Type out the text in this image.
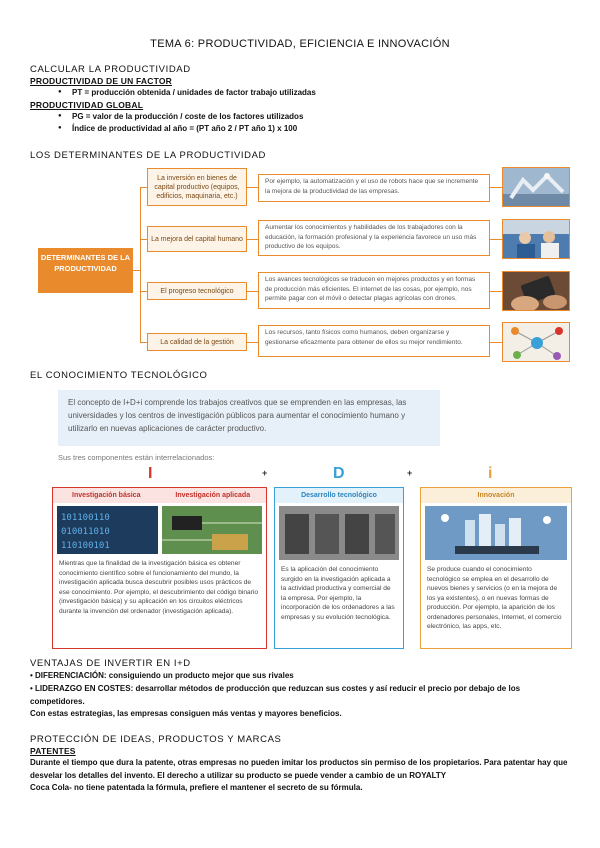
TEMA 6: PRODUCTIVIDAD, EFICIENCIA E INNOVACIÓN
CALCULAR LA PRODUCTIVIDAD
PRODUCTIVIDAD DE UN FACTOR
● PT = producción obtenida / unidades de factor trabajo utilizadas
PRODUCTIVIDAD GLOBAL
● PG = valor de la producción / coste de los factores utilizados
● Índice de productividad al año = (PT año 2 / PT año 1) x 100
LOS DETERMINANTES DE LA PRODUCTIVIDAD
DETERMINANTES DE LA PRODUCTIVIDAD
La inversión en bienes de capital productivo (equipos, edificios, maquinaria, etc.)
Por ejemplo, la automatización y el uso de robots hace que se incremente la mejora de la productividad de las empresas.
La mejora del capital humano
Aumentar los conocimientos y habilidades de los trabajadores con la educación, la formación profesional y la experiencia favorece un uso más productivo de los equipos.
El progreso tecnológico
Los avances tecnológicos se traducen en mejores productos y en formas de producción más eficientes. El internet de las cosas, por ejemplo, nos permite pagar con el móvil o detectar plagas agrícolas con drones.
La calidad de la gestión
Los recursos, tanto físicos como humanos, deben organizarse y gestionarse eficazmente para obtener de ellos su mejor rendimiento.
EL CONOCIMIENTO TECNOLÓGICO
El concepto de I+D+i comprende los trabajos creativos que se emprenden en las empresas, las universidades y los centros de investigación públicos para aumentar el conocimiento humano y utilizarlo en nuevas aplicaciones de carácter productivo.
Sus tres componentes están interrelacionados:
I	+	D	+	i
Investigación básica	Investigación aplicada
101100110
010011010
110100101
Mientras que la finalidad de la investigación básica es obtener conocimiento científico sobre el funcionamiento del mundo, la investigación aplicada busca descubrir posibles usos prácticos de ese conocimiento. Por ejemplo, el descubrimiento del código binario (investigación básica) y su aplicación en los circuitos eléctricos durante la invención del ordenador (investigación aplicada).
Desarrollo tecnológico
Es la aplicación del conocimiento surgido en la investigación aplicada a la actividad productiva y comercial de la empresa. Por ejemplo, la incorporación de los ordenadores a las empresas y su evolución tecnológica.
Innovación
Se produce cuando el conocimiento tecnológico se emplea en el desarrollo de nuevos bienes y servicios (o en la mejora de los ya existentes), o en nuevas formas de producción. Por ejemplo, la aparición de los ordenadores personales, Internet, el comercio electrónico, las apps, etc.
VENTAJAS DE INVERTIR EN I+D
• DIFERENCIACIÓN: consiguiendo un producto mejor que sus rivales
• LIDERAZGO EN COSTES: desarrollar métodos de producción que reduzcan sus costes y así reducir el precio por debajo de los competidores.
Con estas estrategias, las empresas consiguen más ventas y mayores beneficios.
PROTECCIÓN DE IDEAS, PRODUCTOS Y MARCAS
PATENTES
Durante el tiempo que dura la patente, otras empresas no pueden imitar los productos sin permiso de los propietarios. Para patentar hay que desvelar los detalles del invento. El derecho a utilizar su producto se puede vender a cambio de un ROYALTY
Coca Cola- no tiene patentada la fórmula, prefiere el mantener el secreto de su fórmula.
